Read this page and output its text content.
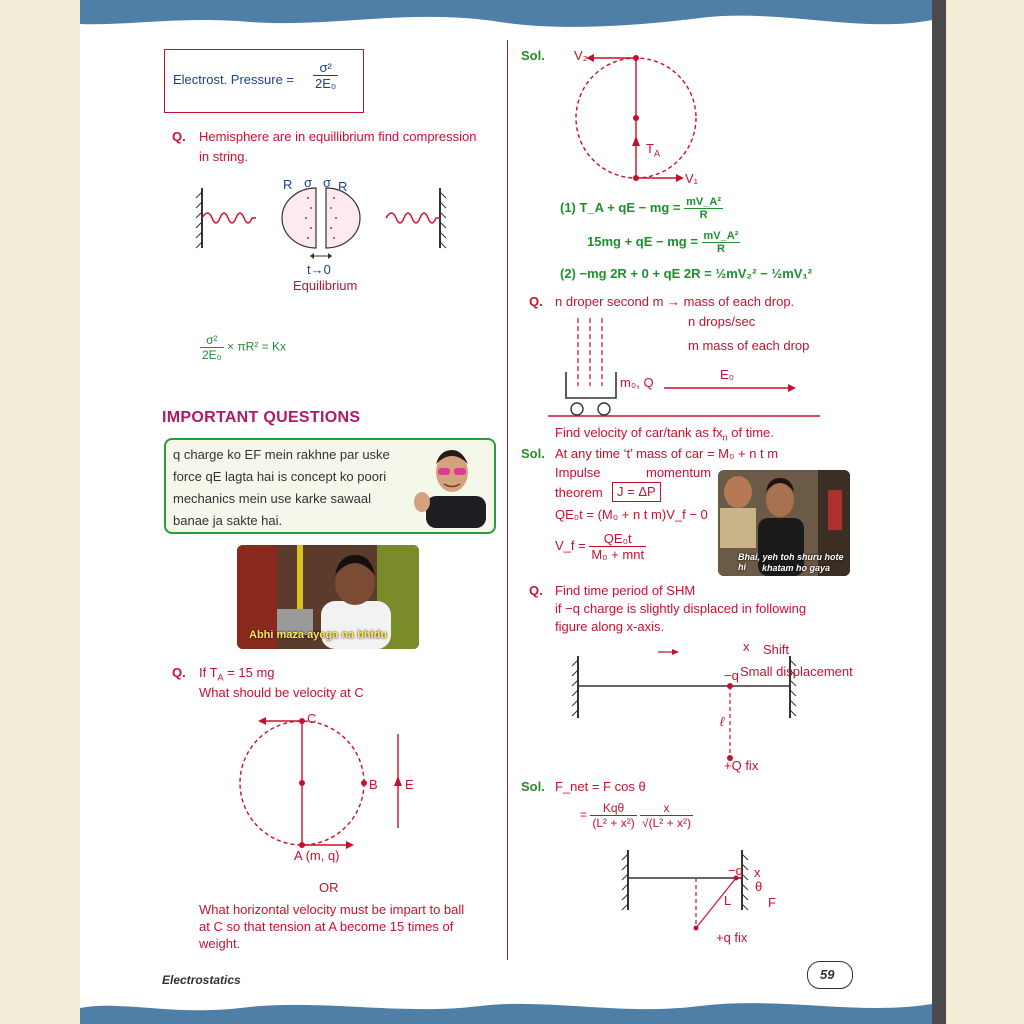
Electrost. Pressure = $\frac{\text{σ²}}{\text{2E₀}}$
Q. Hemisphere are in equillibrium find compression
in string.
R σ σ R
t→0
Equilibrium
$\frac{\text{σ²}}{\text{2E₀}} \times \pi R^2 = Kx$
IMPORTANT QUESTIONS
q charge ko EF mein rakhne par uske
force qE lagta hai is concept ko poori
mechanics mein use karke sawaal
banae ja sakte hai.
Abhi maza ayega na bhidu
Q. If $T_A = 15$ mg
What should be velocity at C
C
B E
A (m, q)
OR
What horizontal velocity must be impart to ball
at C so that tension at A become 15 times of
weight.
Electrostatics
Sol. V₂
$T_A$
V₁
(1) T_A + qE − mg = $\frac{\text{mV\_A²}}{R}$
15mg + qE − mg = $\frac{\text{mV\_A²}}{R}$
(2) −mg 2R + 0 + qE 2R = ½mV₂² − ½mV₁²
Q. n droper second m → mass of each drop.
n drops/sec
m mass of each drop
m₀, Q
E₀
Find velocity of car/tank as $fx_n$ of time.
Sol. At any time ‘t’ mass of car = M₀ + n t m
Impulse	momentum
theorem	J = ΔP
QE₀t = (M₀ + n t m)V_f − 0
V_f = $\frac{\text{QE₀t}}{\text{M₀ + mnt}}$	Bhai, yeh toh shuru hote hi	khatam ho gaya
Q. Find time period of SHM
if −q charge is slightly displaced in following
figure along x-axis.
x Shift
−q Small displacement
ℓ
+Q fix
Sol. F_net = F cos θ
= $\frac{\text{Kqθ}}{\text{(L² + x²)}}$
$\frac{x}{\text{√(L² + x²)}}$
−q x
θ
L	F
+q fix
59
